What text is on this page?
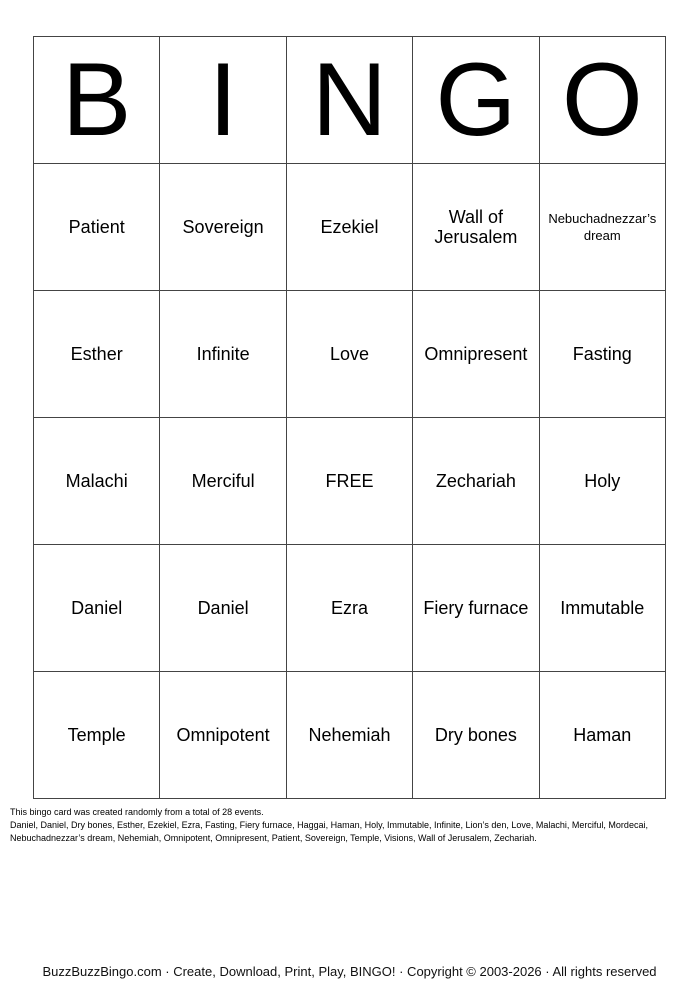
B	I	N	G	O
Patient	Sovereign	Ezekiel	Wall of Jerusalem	Nebuchadnezzar’s dream
Esther	Infinite	Love	Omnipresent	Fasting
Malachi	Merciful	FREE	Zechariah	Holy
Daniel	Daniel	Ezra	Fiery furnace	Immutable
Temple	Omnipotent	Nehemiah	Dry bones	Haman

This bingo card was created randomly from a total of 28 events.

Daniel, Daniel, Dry bones, Esther, Ezekiel, Ezra, Fasting, Fiery furnace, Haggai, Haman, Holy, Immutable, Infinite, Lion’s den, Love, Malachi, Merciful, Mordecai, Nebuchadnezzar’s dream, Nehemiah, Omnipotent, Omnipresent, Patient, Sovereign, Temple, Visions, Wall of Jerusalem, Zechariah.

BuzzBuzzBingo.com · Create, Download, Print, Play, BINGO! · Copyright © 2003-2026 · All rights reserved
